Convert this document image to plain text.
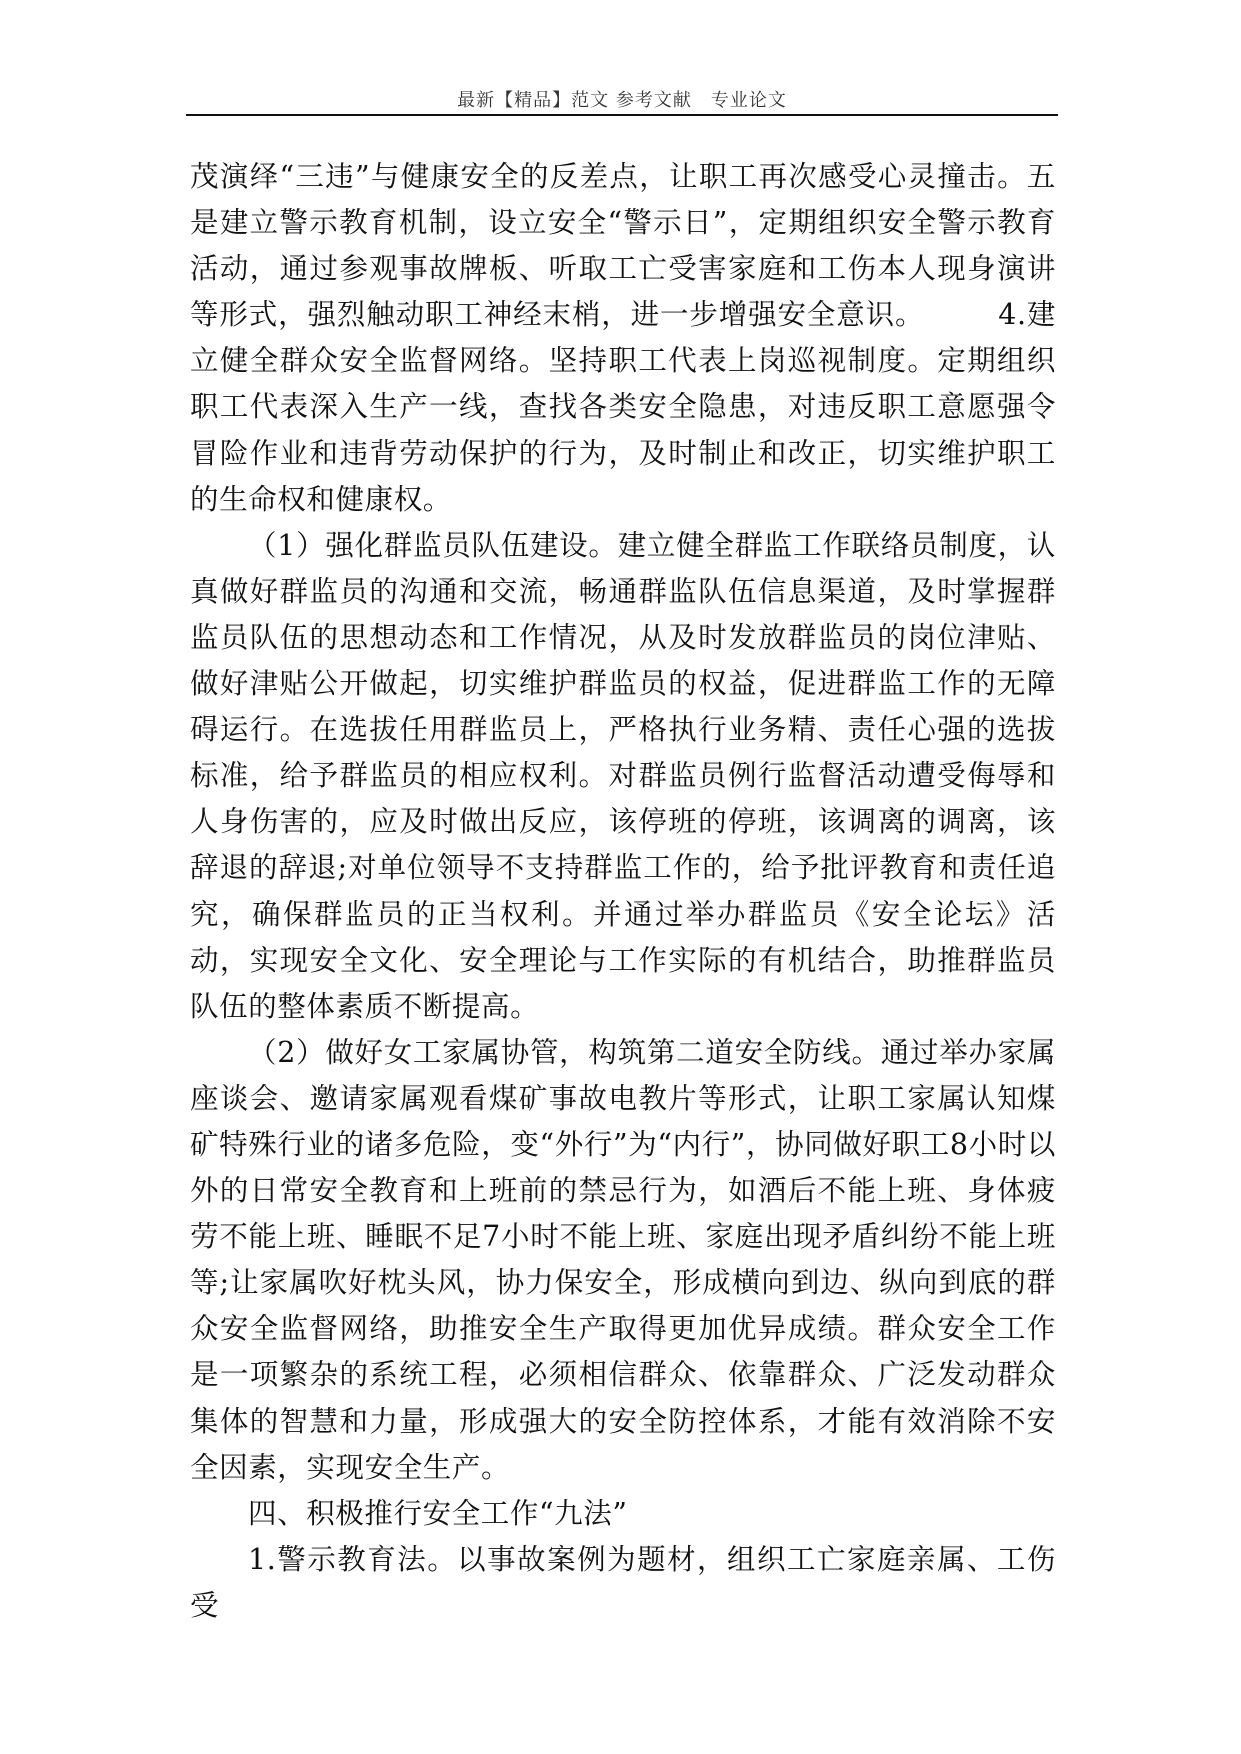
最新【精品】范文 参考文献　专业论文

茂演绎“三违”与健康安全的反差点，让职工再次感受心灵撞击。五是建立警示教育机制，设立安全“警示日”，定期组织安全警示教育活动，通过参观事故牌板、听取工亡受害家庭和工伤本人现身演讲等形式，强烈触动职工神经末梢，进一步增强安全意识。　　　4.建立健全群众安全监督网络。坚持职工代表上岗巡视制度。定期组织职工代表深入生产一线，查找各类安全隐患，对违反职工意愿强令冒险作业和违背劳动保护的行为，及时制止和改正，切实维护职工的生命权和健康权。

（1）强化群监员队伍建设。建立健全群监工作联络员制度，认真做好群监员的沟通和交流，畅通群监队伍信息渠道，及时掌握群监员队伍的思想动态和工作情况，从及时发放群监员的岗位津贴、做好津贴公开做起，切实维护群监员的权益，促进群监工作的无障碍运行。在选拔任用群监员上，严格执行业务精、责任心强的选拔标准，给予群监员的相应权利。对群监员例行监督活动遭受侮辱和人身伤害的，应及时做出反应，该停班的停班，该调离的调离，该辞退的辞退;对单位领导不支持群监工作的，给予批评教育和责任追究，确保群监员的正当权利。并通过举办群监员《安全论坛》活动，实现安全文化、安全理论与工作实际的有机结合，助推群监员队伍的整体素质不断提高。

（2）做好女工家属协管，构筑第二道安全防线。通过举办家属座谈会、邀请家属观看煤矿事故电教片等形式，让职工家属认知煤矿特殊行业的诸多危险，变“外行”为“内行”，协同做好职工8小时以外的日常安全教育和上班前的禁忌行为，如酒后不能上班、身体疲劳不能上班、睡眠不足7小时不能上班、家庭出现矛盾纠纷不能上班等;让家属吹好枕头风，协力保安全，形成横向到边、纵向到底的群众安全监督网络，助推安全生产取得更加优异成绩。群众安全工作是一项繁杂的系统工程，必须相信群众、依靠群众、广泛发动群众集体的智慧和力量，形成强大的安全防控体系，才能有效消除不安全因素，实现安全生产。

四、积极推行安全工作“九法”

1.警示教育法。以事故案例为题材，组织工亡家庭亲属、工伤受
